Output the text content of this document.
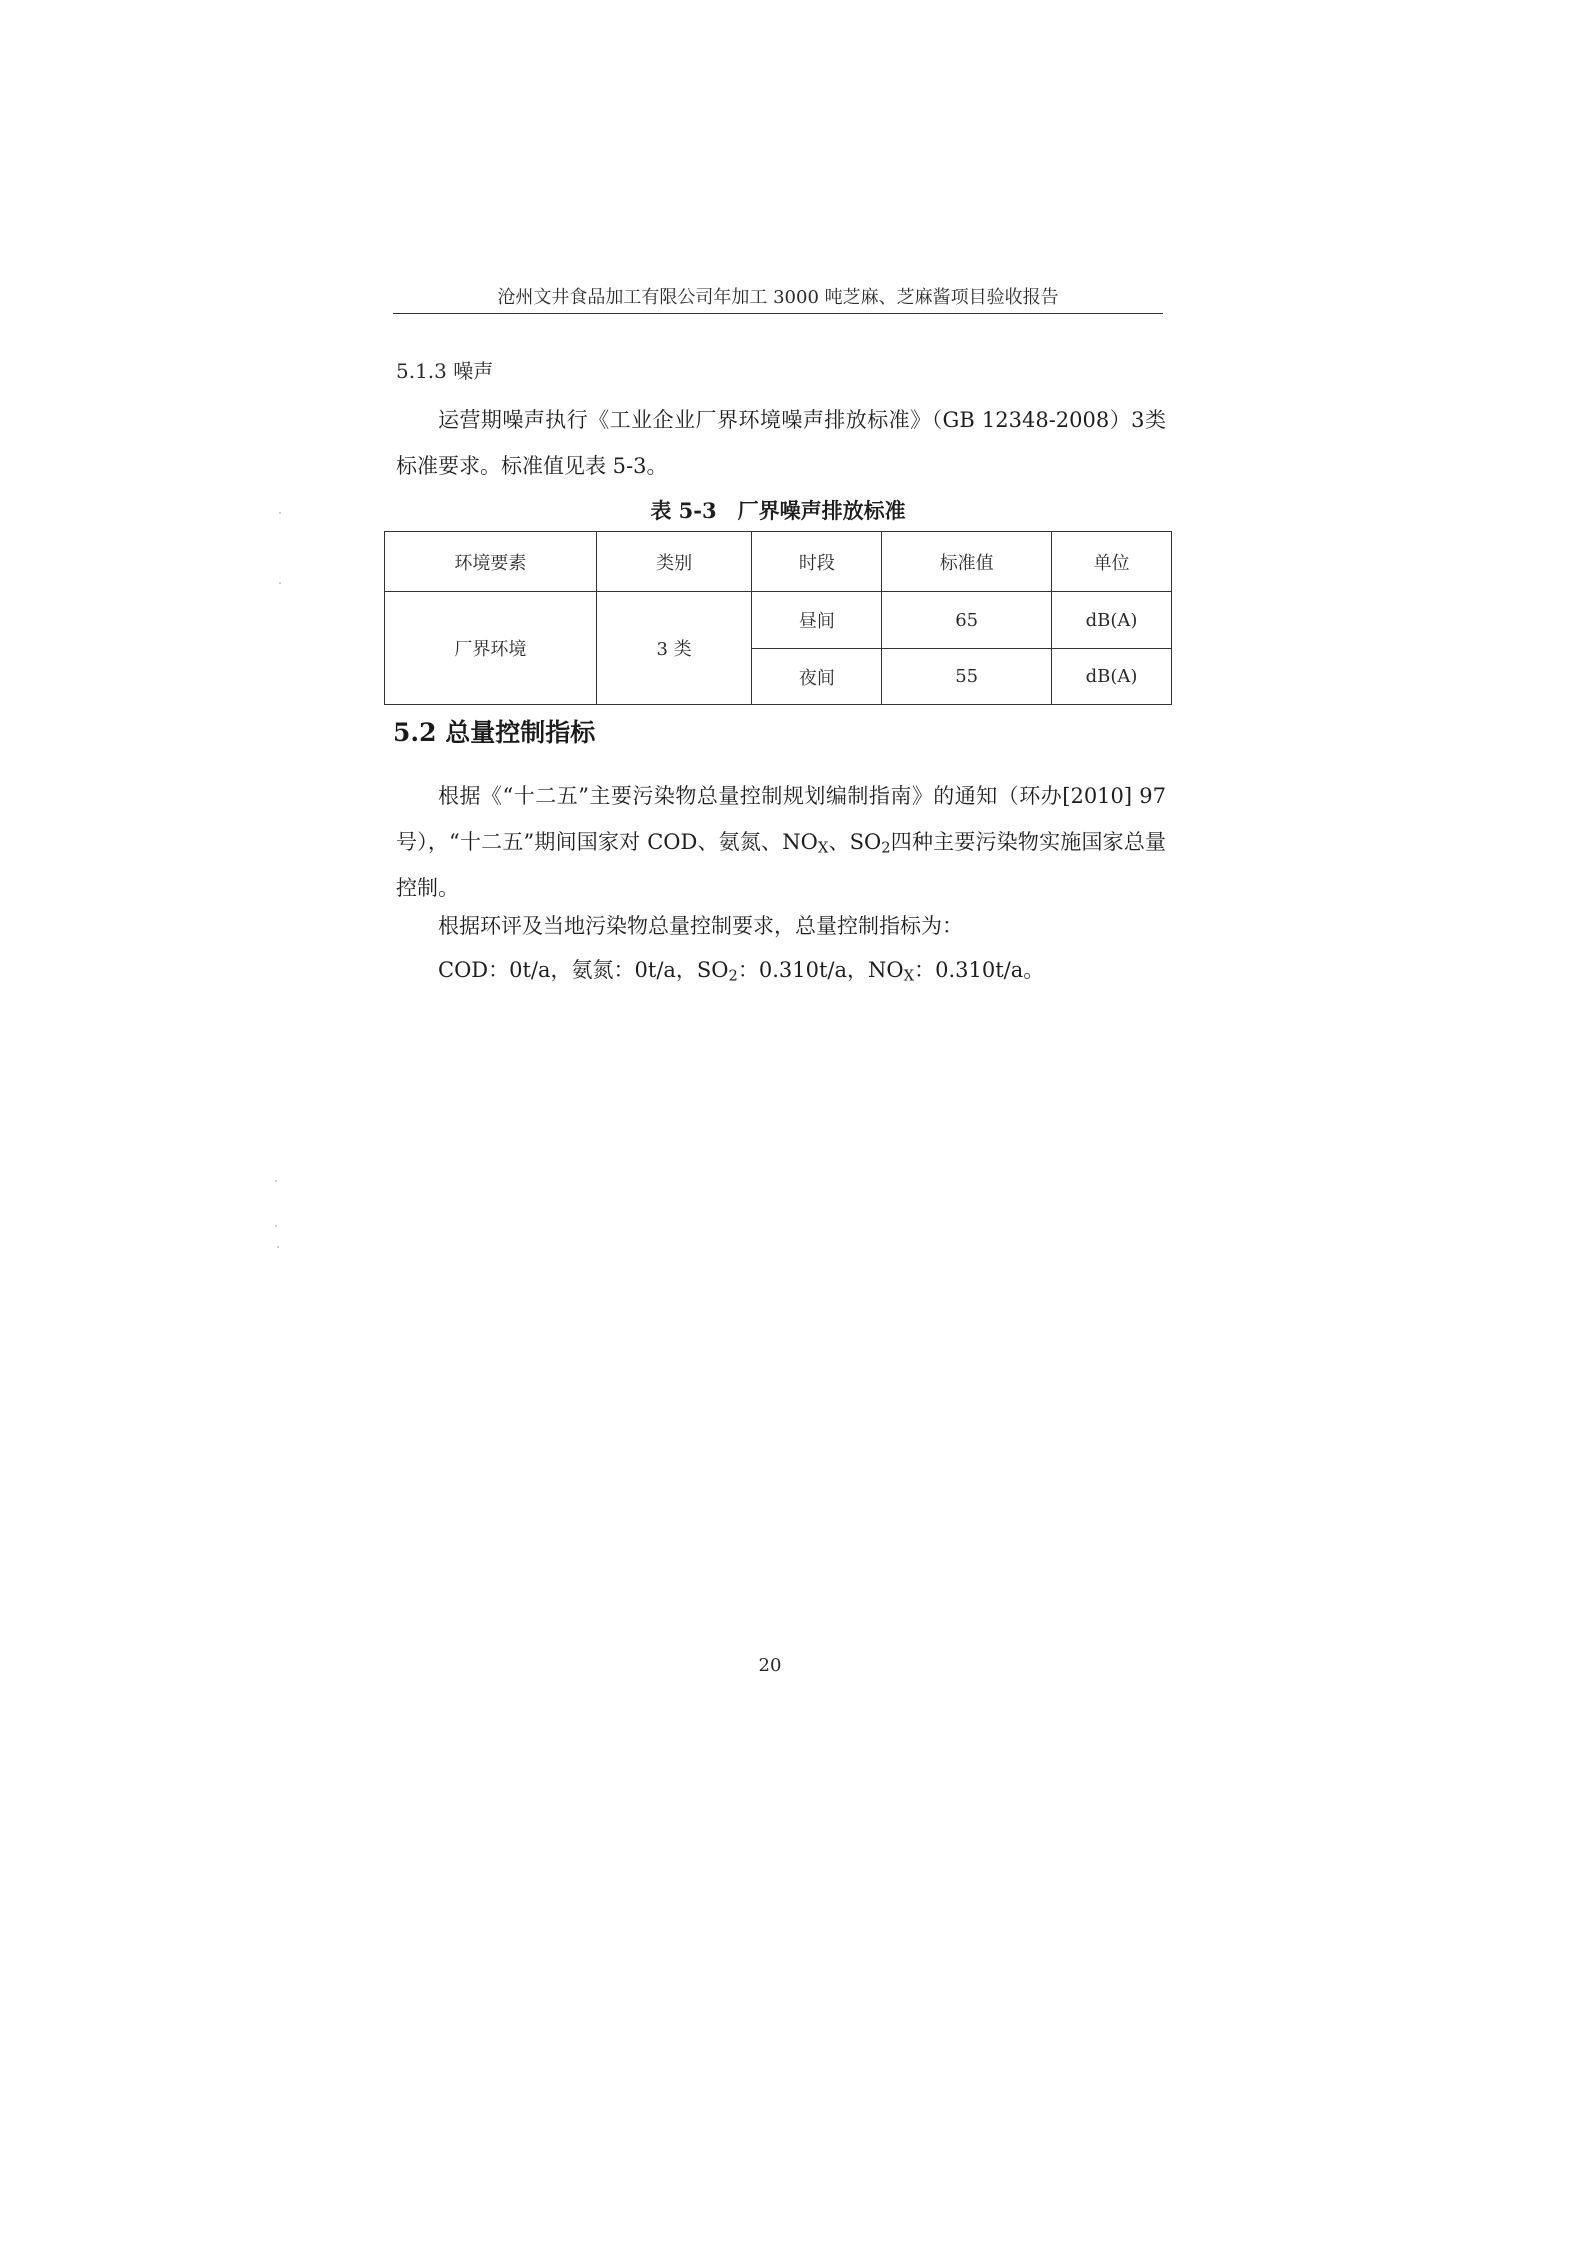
沧州文井食品加工有限公司年加工 3000 吨芝麻、芝麻酱项目验收报告
5.1.3 噪声

运营期噪声执行《工业企业厂界环境噪声排放标准》（GB 12348-2008）3类标准要求。标准值见表 5-3。

表 5-3　厂界噪声排放标准
环境要素	类别	时段	标准值	单位
厂界环境	3 类	昼间	65	dB(A)
		夜间	55	dB(A)
5.2 总量控制指标

根据《“十二五”主要污染物总量控制规划编制指南》的通知（环办[2010] 97号），“十二五”期间国家对 COD、氨氮、$NO_X$、$SO_2$四种主要污染物实施国家总量控制。

根据环评及当地污染物总量控制要求，总量控制指标为：

COD：0t/a，氨氮：0t/a，$SO_2$：0.310t/a，$NO_X$：0.310t/a。

20
